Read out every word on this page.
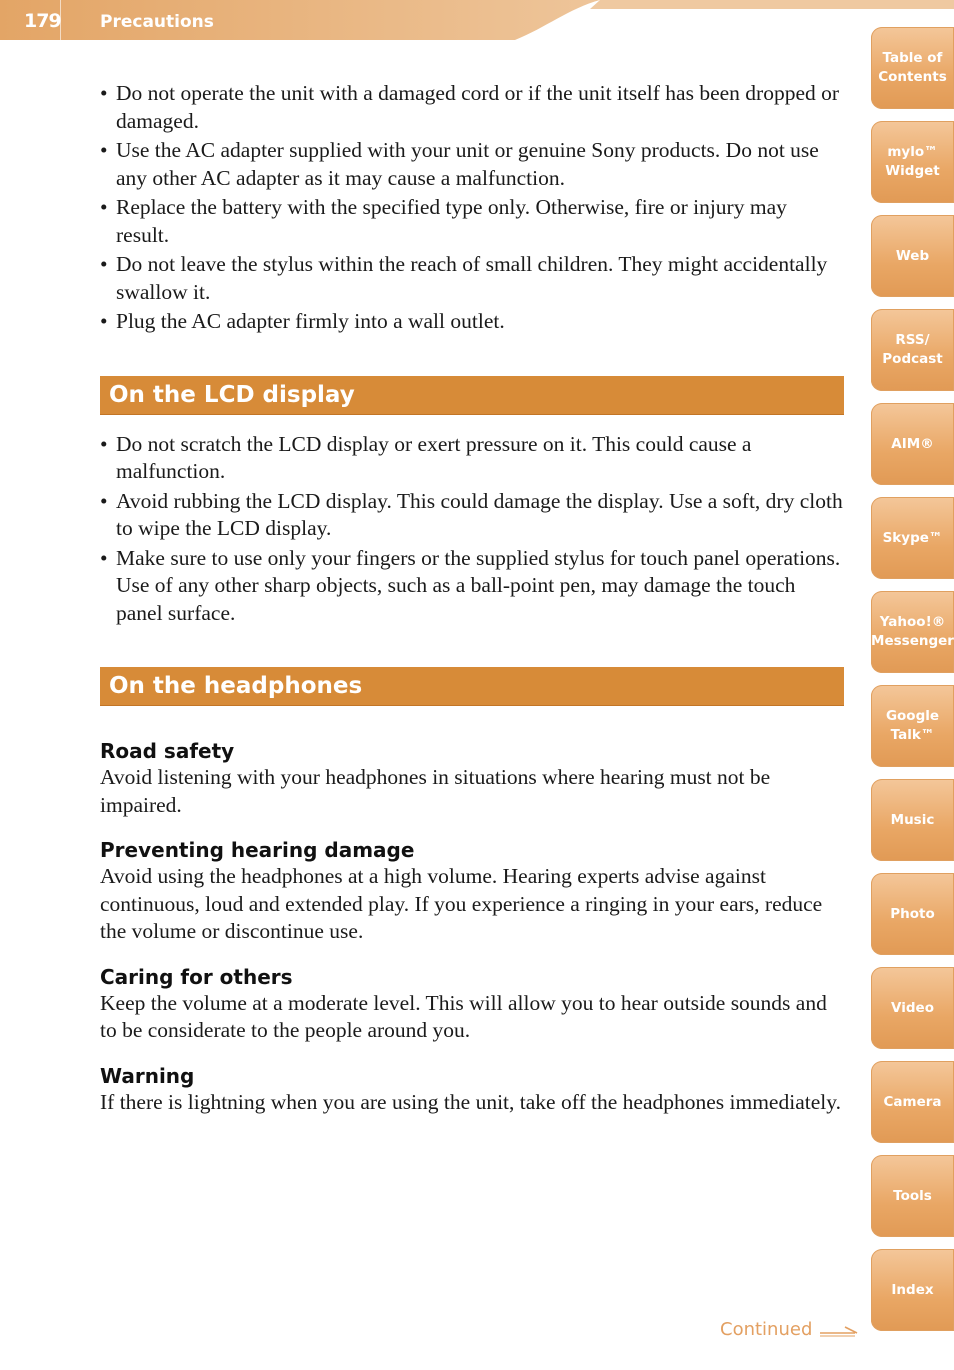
179 Precautions
• Do not operate the unit with a damaged cord or if the unit itself has been dropped or damaged.
• Use the AC adapter supplied with your unit or genuine Sony products. Do not use any other AC adapter as it may cause a malfunction.
• Replace the battery with the specified type only. Otherwise, fire or injury may result.
• Do not leave the stylus within the reach of small children. They might accidentally swallow it.
• Plug the AC adapter firmly into a wall outlet.
On the LCD display
• Do not scratch the LCD display or exert pressure on it. This could cause a malfunction.
• Avoid rubbing the LCD display. This could damage the display. Use a soft, dry cloth to wipe the LCD display.
• Make sure to use only your fingers or the supplied stylus for touch panel operations. Use of any other sharp objects, such as a ball-point pen, may damage the touch panel surface.
On the headphones
Road safety

Avoid listening with your headphones in situations where hearing must not be impaired.

Preventing hearing damage

Avoid using the headphones at a high volume. Hearing experts advise against continuous, loud and extended play. If you experience a ringing in your ears, reduce the volume or discontinue use.

Caring for others

Keep the volume at a moderate level. This will allow you to hear outside sounds and to be considerate to the people around you.

Warning

If there is lightning when you are using the unit, take off the headphones immediately.

Table of
Contents
mylo™
Widget
Web
RSS/
Podcast
AIM®
Skype™
Yahoo!®
Messenger
Google
Talk™
Music
Photo
Video
Camera
Tools
Index
Continued
